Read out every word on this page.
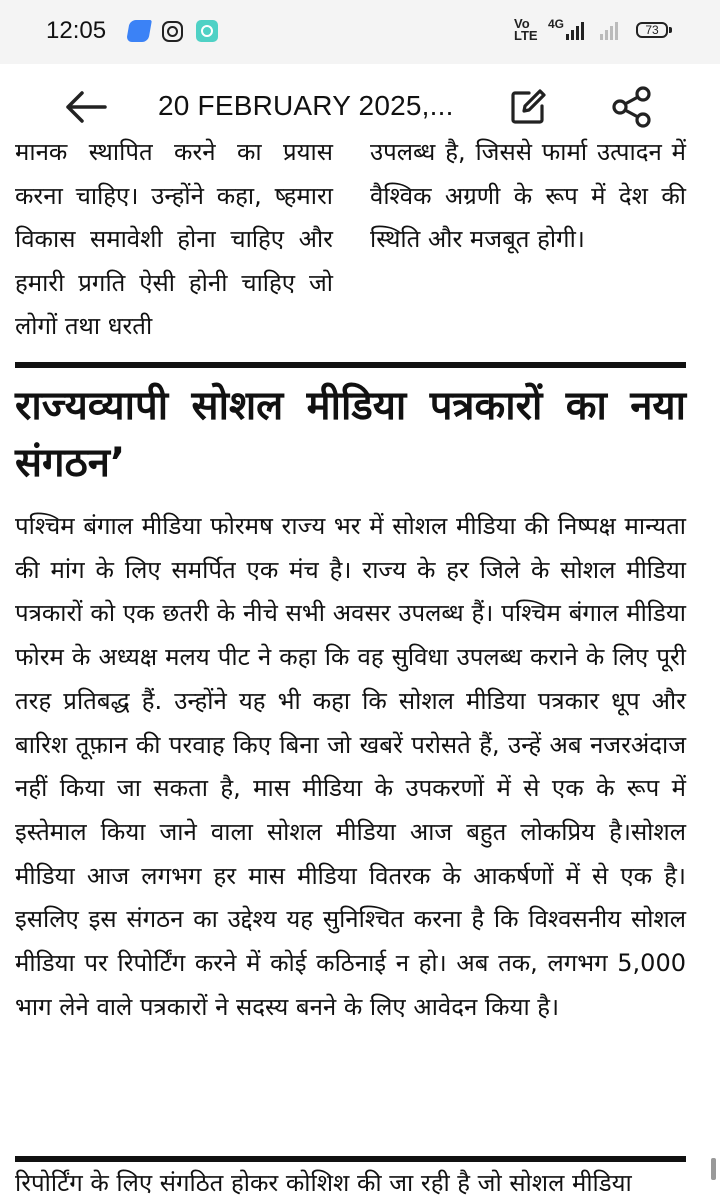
12:05	Vo LTE
4G	73
20 FEBRUARY 2025,...
मानक स्थापित करने का प्रयास करना चाहिए। उन्होंने कहा, ष्हमारा विकास समावेशी होना चाहिए और हमारी प्रगति ऐसी होनी चाहिए जो लोगों तथा धरती
उपलब्ध है, जिससे फार्मा उत्पादन में वैश्विक अग्रणी के रूप में देश की स्थिति और मजबूत होगी।
राज्यव्यापी सोशल मीडिया पत्रकारों का नया संगठन’
पश्चिम बंगाल मीडिया फोरमष राज्य भर में सोशल मीडिया की निष्पक्ष मान्यता की मांग के लिए समर्पित एक मंच है। राज्य के हर जिले के सोशल मीडिया पत्रकारों को एक छतरी के नीचे सभी अवसर उपलब्ध हैं। पश्चिम बंगाल मीडिया फोरम के अध्यक्ष मलय पीट ने कहा कि वह सुविधा उपलब्ध कराने के लिए पूरी तरह प्रतिबद्ध हैं. उन्होंने यह भी कहा कि सोशल मीडिया पत्रकार धूप और बारिश तूफ़ान की परवाह किए बिना जो खबरें परोसते हैं, उन्हें अब नजरअंदाज नहीं किया जा सकता है, मास मीडिया के उपकरणों में से एक के रूप में इस्तेमाल किया जाने वाला सोशल मीडिया आज बहुत लोकप्रिय है।सोशल मीडिया आज लगभग हर मास मीडिया वितरक के आकर्षणों में से एक है। इसलिए इस संगठन का उद्देश्य यह सुनिश्चित करना है कि विश्वसनीय सोशल मीडिया पर रिपोर्टिंग करने में कोई कठिनाई न हो। अब तक, लगभग 5,000 भाग लेने वाले पत्रकारों ने सदस्य बनने के लिए आवेदन किया है।
रिपोर्टिंग के लिए संगठित होकर कोशिश की जा रही है जो सोशल मीडिया
